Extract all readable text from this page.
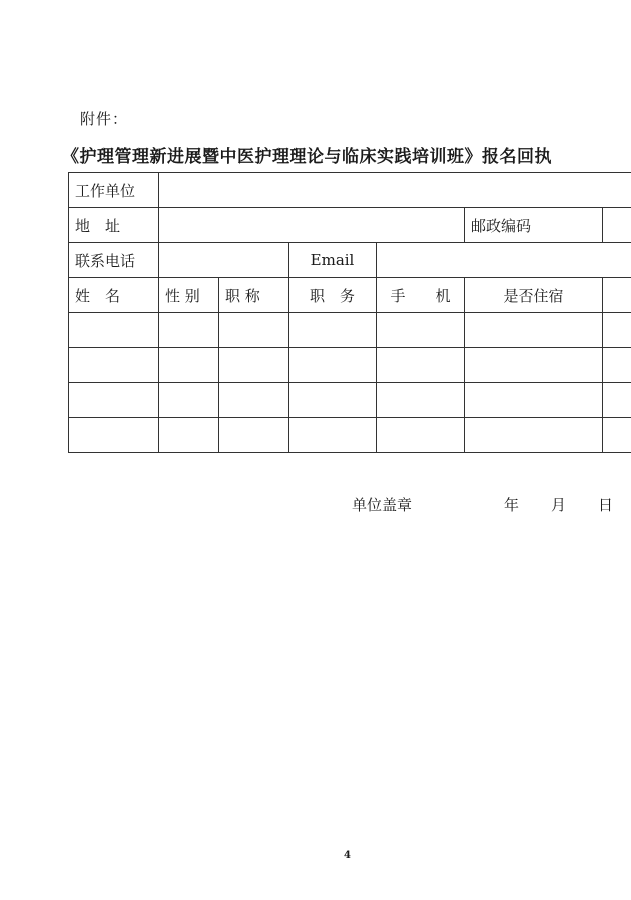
附件：
《护理管理新进展暨中医护理理论与临床实践培训班》报名回执
工作单位						
地　址					邮政编码	
联系电话			Email			
姓　名	性 别	职 称	职　务	手　　机	是否住宿	

单位盖章	年 月 日
4
